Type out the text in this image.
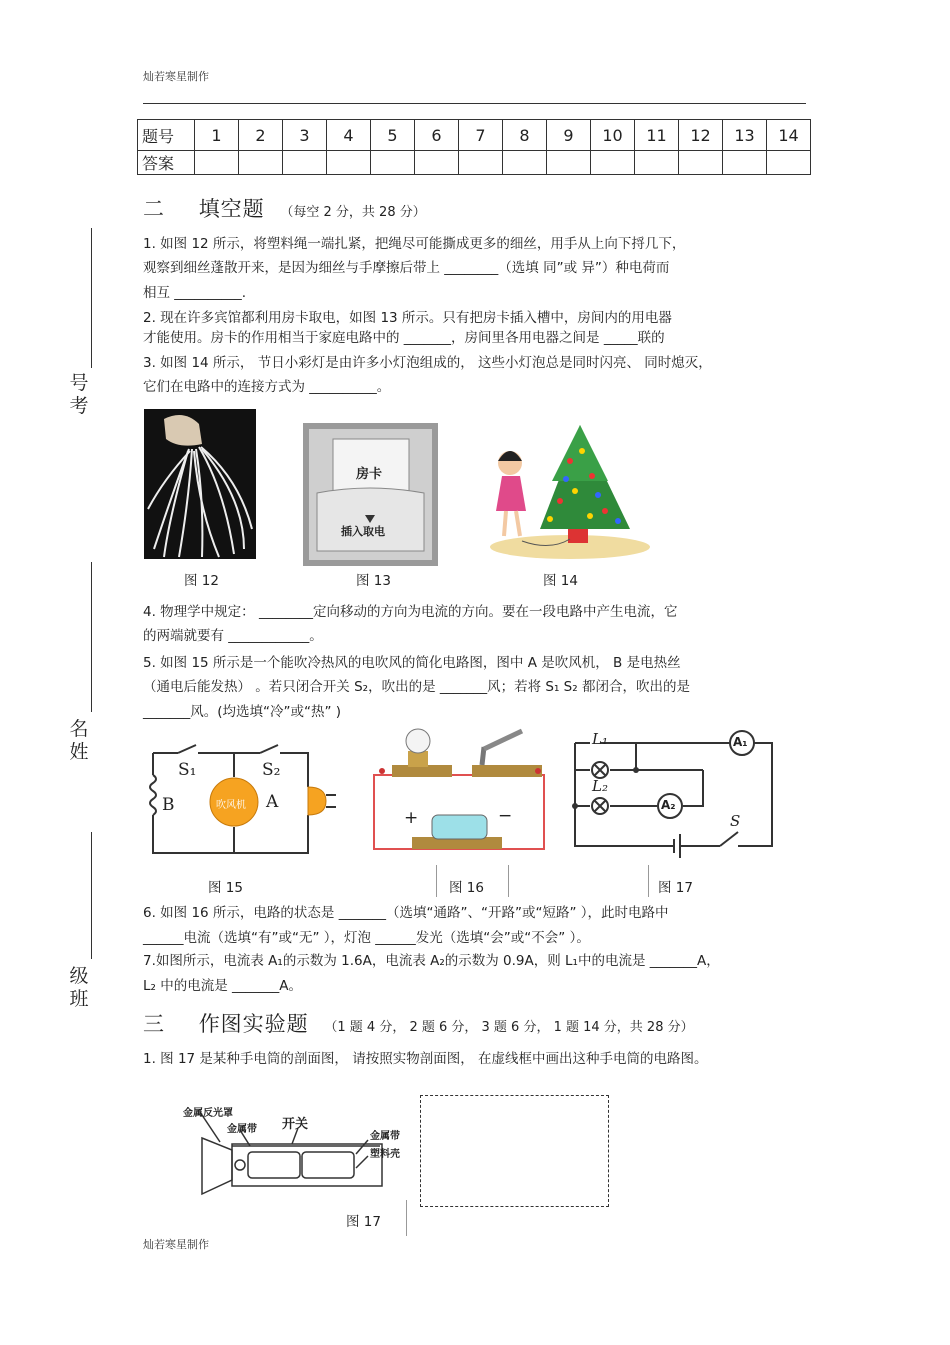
灿若寒星制作
题号	1	2	3	4	5	6	7	8	9	10	11	12	13	14
答案														
号
考
名
姓
级
班
二 填空题 （每空 2 分，共 28 分）
1. 如图 12 所示，将塑料绳一端扎紧，把绳尽可能撕成更多的细丝，用手从上向下捋几下，
观察到细丝蓬散开来，是因为细丝与手摩擦后带上 ________（选填 同”或 异”）种电荷而
相互 __________.
2. 现在许多宾馆都利用房卡取电，如图 13 所示。只有把房卡插入槽中，房间内的用电器
才能使用。房卡的作用相当于家庭电路中的 _______，房间里各用电器之间是 _____联的
3. 如图 14 所示， 节日小彩灯是由许多小灯泡组成的， 这些小灯泡总是同时闪亮、 同时熄灭，
它们在电路中的连接方式为 __________。
房卡
插入取电
图 12	图 13	图 14
4. 物理学中规定： ________定向移动的方向为电流的方向。要在一段电路中产生电流，它
的两端就要有 ____________。
5. 如图 15 所示是一个能吹冷热风的电吹风的简化电路图，图中 A 是吹风机， B 是电热丝
（通电后能发热） 。若只闭合开关 S₂，吹出的是 _______风；若将 S₁ S₂ 都闭合，吹出的是
_______风。(均选填“冷”或“热” )
S₁	S₂
B	A
吹风机
+	−
L₁
L₂
A₁
A₂
S
图 15	图 16	图 17
6. 如图 16 所示，电路的状态是 _______（选填“通路”、“开路”或“短路” ），此时电路中
______电流（选填“有”或“无” ），灯泡 ______发光（选填“会”或“不会” ）。
7.如图所示，电流表 A₁的示数为 1.6A，电流表 A₂的示数为 0.9A，则 L₁中的电流是 _______A，
L₂ 中的电流是 _______A。
三 作图实验题 （1 题 4 分， 2 题 6 分， 3 题 6 分， 1 题 14 分，共 28 分）
1. 图 17 是某种手电筒的剖面图， 请按照实物剖面图， 在虚线框中画出这种手电筒的电路图。
金属反光罩
金属带 开关
金属带
塑料壳
图 17
灿若寒星制作
